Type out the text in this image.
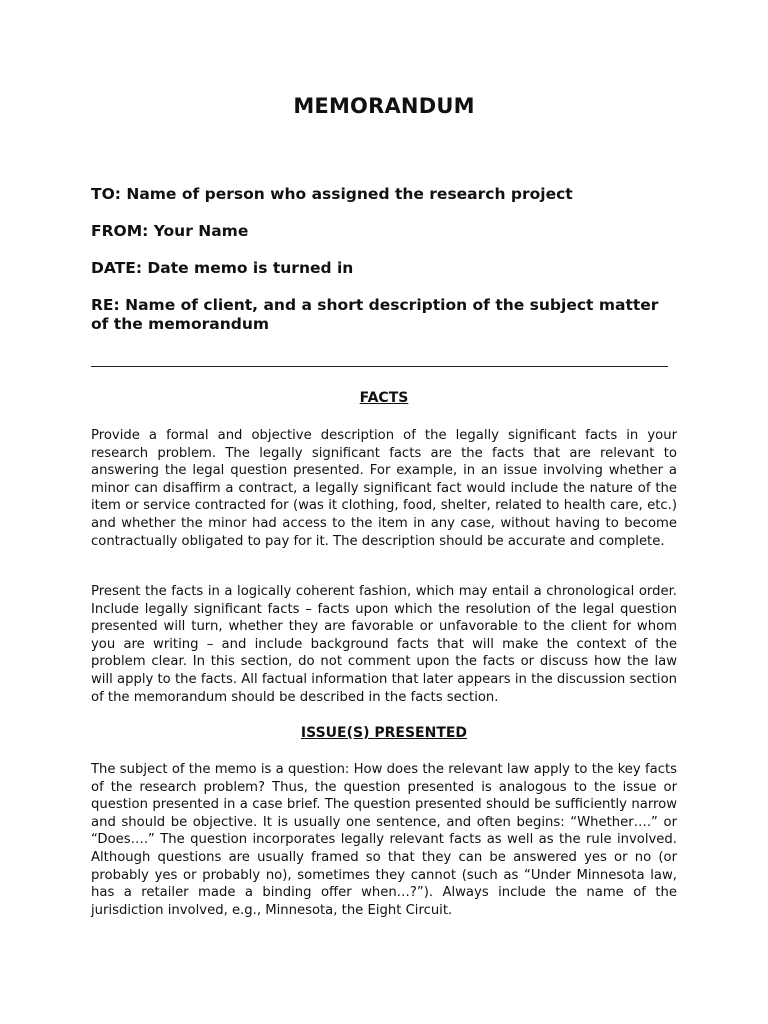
MEMORANDUM
TO: Name of person who assigned the research project
FROM: Your Name
DATE: Date memo is turned in
RE: Name of client, and a short description of the subject matter of the memorandum
FACTS
Provide a formal and objective description of the legally significant facts in your research problem. The legally significant facts are the facts that are relevant to answering the legal question presented. For example, in an issue involving whether a minor can disaffirm a contract, a legally significant fact would include the nature of the item or service contracted for (was it clothing, food, shelter, related to health care, etc.) and whether the minor had access to the item in any case, without having to become contractually obligated to pay for it. The description should be accurate and complete.
Present the facts in a logically coherent fashion, which may entail a chronological order. Include legally significant facts – facts upon which the resolution of the legal question presented will turn, whether they are favorable or unfavorable to the client for whom you are writing – and include background facts that will make the context of the problem clear. In this section, do not comment upon the facts or discuss how the law will apply to the facts. All factual information that later appears in the discussion section of the memorandum should be described in the facts section.
ISSUE(S) PRESENTED
The subject of the memo is a question: How does the relevant law apply to the key facts of the research problem? Thus, the question presented is analogous to the issue or question presented in a case brief. The question presented should be sufficiently narrow and should be objective. It is usually one sentence, and often begins: “Whether….” or “Does….” The question incorporates legally relevant facts as well as the rule involved. Although questions are usually framed so that they can be answered yes or no (or probably yes or probably no), sometimes they cannot (such as “Under Minnesota law, has a retailer made a binding offer when…?”). Always include the name of the jurisdiction involved, e.g., Minnesota, the Eight Circuit.
